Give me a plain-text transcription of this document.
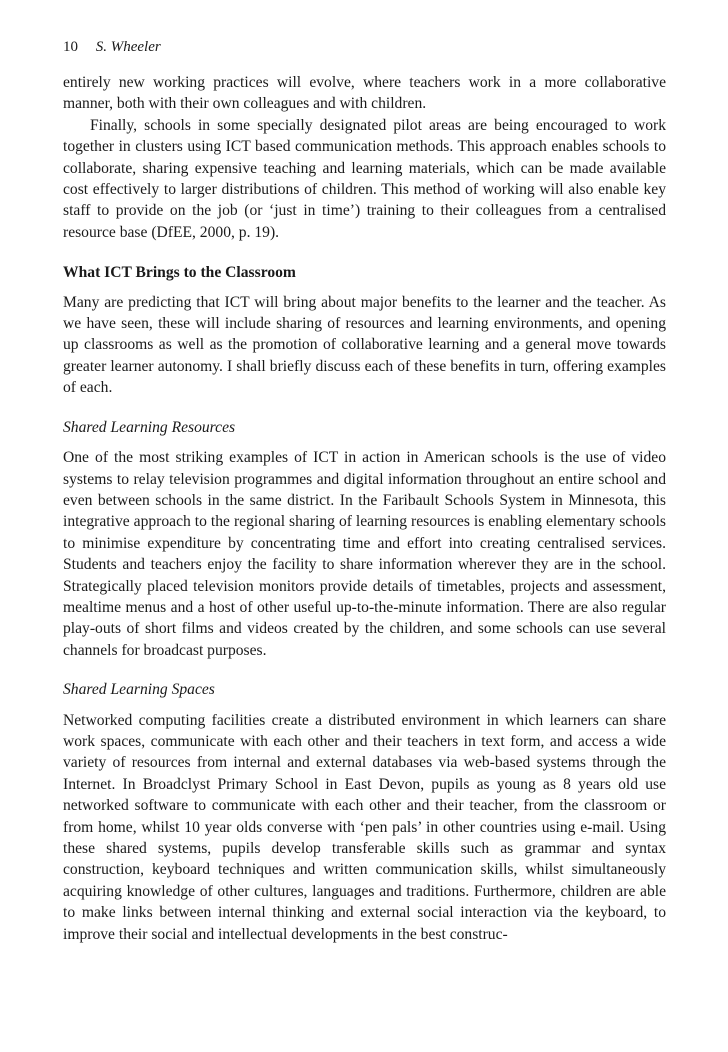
10 S. Wheeler

entirely new working practices will evolve, where teachers work in a more collaborative manner, both with their own colleagues and with children.

Finally, schools in some specially designated pilot areas are being encouraged to work together in clusters using ICT based communication methods. This approach enables schools to collaborate, sharing expensive teaching and learning materials, which can be made available cost effectively to larger distributions of children. This method of working will also enable key staff to provide on the job (or ‘just in time’) training to their colleagues from a centralised resource base (DfEE, 2000, p. 19).

What ICT Brings to the Classroom

Many are predicting that ICT will bring about major benefits to the learner and the teacher. As we have seen, these will include sharing of resources and learning environments, and opening up classrooms as well as the promotion of collaborative learning and a general move towards greater learner autonomy. I shall briefly discuss each of these benefits in turn, offering examples of each.

Shared Learning Resources

One of the most striking examples of ICT in action in American schools is the use of video systems to relay television programmes and digital information throughout an entire school and even between schools in the same district. In the Faribault Schools System in Minnesota, this integrative approach to the regional sharing of learning resources is enabling elementary schools to minimise expenditure by concentrating time and effort into creating centralised services. Students and teachers enjoy the facility to share information wherever they are in the school. Strategically placed television monitors provide details of timetables, projects and assessment, mealtime menus and a host of other useful up-to-the-minute information. There are also regular play-outs of short films and videos created by the children, and some schools can use several channels for broadcast purposes.

Shared Learning Spaces

Networked computing facilities create a distributed environment in which learners can share work spaces, communicate with each other and their teachers in text form, and access a wide variety of resources from internal and external databases via web-based systems through the Internet. In Broadclyst Primary School in East Devon, pupils as young as 8 years old use networked software to communicate with each other and their teacher, from the classroom or from home, whilst 10 year olds converse with ‘pen pals’ in other countries using e-mail. Using these shared systems, pupils develop transferable skills such as grammar and syntax construction, keyboard techniques and written communication skills, whilst simultaneously acquiring knowledge of other cultures, languages and traditions. Furthermore, children are able to make links between internal thinking and external social interaction via the keyboard, to improve their social and intellectual developments in the best construc-
